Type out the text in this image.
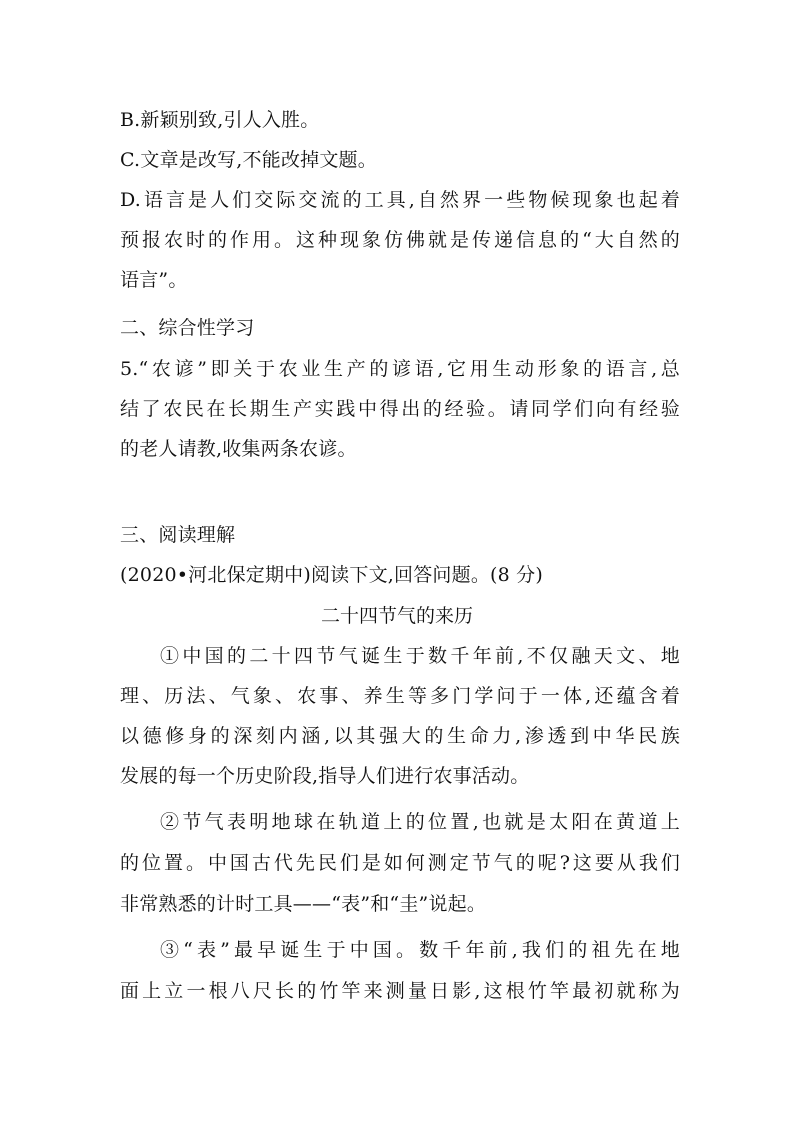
B.新颖别致,引人入胜。
C.文章是改写,不能改掉文题。
D.语言是人们交际交流的工具,自然界一些物候现象也起着
预报农时的作用。这种现象仿佛就是传递信息的“大自然的
语言”。
二、综合性学习
5.“农谚”即关于农业生产的谚语,它用生动形象的语言,总
结了农民在长期生产实践中得出的经验。请同学们向有经验
的老人请教,收集两条农谚。
三、阅读理解
(2020•河北保定期中)阅读下文,回答问题。(8 分)
二十四节气的来历
①中国的二十四节气诞生于数千年前,不仅融天文、地
理、历法、气象、农事、养生等多门学问于一体,还蕴含着
以德修身的深刻内涵,以其强大的生命力,渗透到中华民族
发展的每一个历史阶段,指导人们进行农事活动。
②节气表明地球在轨道上的位置,也就是太阳在黄道上
的位置。中国古代先民们是如何测定节气的呢?这要从我们
非常熟悉的计时工具——“表”和“圭”说起。
③“表”最早诞生于中国。数千年前,我们的祖先在地
面上立一根八尺长的竹竿来测量日影,这根竹竿最初就称为
